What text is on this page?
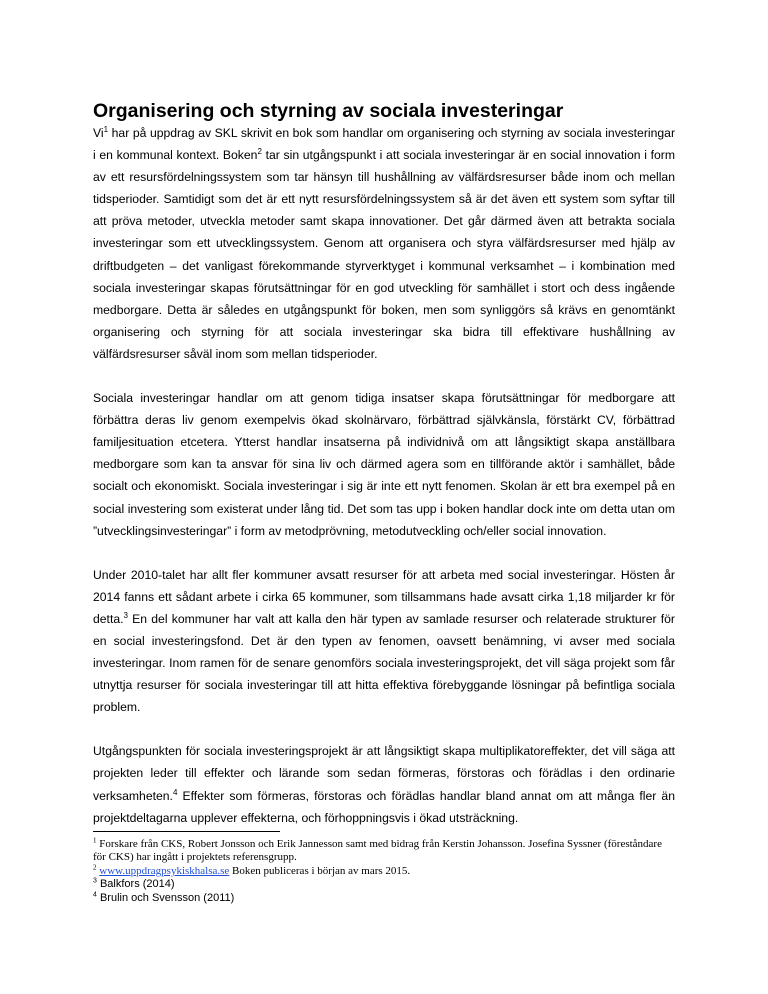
Organisering och styrning av sociala investeringar

Vi$^1$ har på uppdrag av SKL skrivit en bok som handlar om organisering och styrning av sociala investeringar i en kommunal kontext. Boken$^2$ tar sin utgångspunkt i att sociala investeringar är en social innovation i form av ett resursfördelningssystem som tar hänsyn till hushållning av välfärdsresurser både inom och mellan tidsperioder. Samtidigt som det är ett nytt resursfördelningssystem så är det även ett system som syftar till att pröva metoder, utveckla metoder samt skapa innovationer. Det går därmed även att betrakta sociala investeringar som ett utvecklingssystem. Genom att organisera och styra välfärdsresurser med hjälp av driftbudgeten – det vanligast förekommande styrverktyget i kommunal verksamhet – i kombination med sociala investeringar skapas förutsättningar för en god utveckling för samhället i stort och dess ingående medborgare. Detta är således en utgångspunkt för boken, men som synliggörs så krävs en genomtänkt organisering och styrning för att sociala investeringar ska bidra till effektivare hushållning av välfärdsresurser såväl inom som mellan tidsperioder.

Sociala investeringar handlar om att genom tidiga insatser skapa förutsättningar för medborgare att förbättra deras liv genom exempelvis ökad skolnärvaro, förbättrad självkänsla, förstärkt CV, förbättrad familjesituation etcetera. Ytterst handlar insatserna på individnivå om att långsiktigt skapa anställbara medborgare som kan ta ansvar för sina liv och därmed agera som en tillförande aktör i samhället, både socialt och ekonomiskt. Sociala investeringar i sig är inte ett nytt fenomen. Skolan är ett bra exempel på en social investering som existerat under lång tid. Det som tas upp i boken handlar dock inte om detta utan om ”utvecklingsinvesteringar” i form av metodprövning, metodutveckling och/eller social innovation.

Under 2010-talet har allt fler kommuner avsatt resurser för att arbeta med social investeringar. Hösten år 2014 fanns ett sådant arbete i cirka 65 kommuner, som tillsammans hade avsatt cirka 1,18 miljarder kr för detta.$^3$ En del kommuner har valt att kalla den här typen av samlade resurser och relaterade strukturer för en social investeringsfond. Det är den typen av fenomen, oavsett benämning, vi avser med sociala investeringar. Inom ramen för de senare genomförs sociala investeringsprojekt, det vill säga projekt som får utnyttja resurser för sociala investeringar till att hitta effektiva förebyggande lösningar på befintliga sociala problem.

Utgångspunkten för sociala investeringsprojekt är att långsiktigt skapa multiplikatoreffekter, det vill säga att projekten leder till effekter och lärande som sedan förmeras, förstoras och förädlas i den ordinarie verksamheten.$^4$ Effekter som förmeras, förstoras och förädlas handlar bland annat om att många fler än projektdeltagarna upplever effekterna, och förhoppningsvis i ökad utsträckning.

$^1$ Forskare från CKS, Robert Jonsson och Erik Jannesson samt med bidrag från Kerstin Johansson. Josefina Syssner (föreståndare för CKS) har ingått i projektets referensgrupp.

$^2$ www.uppdragpsykiskhalsa.se Boken publiceras i början av mars 2015.

$^3$ Balkfors (2014)

$^4$ Brulin och Svensson (2011)
